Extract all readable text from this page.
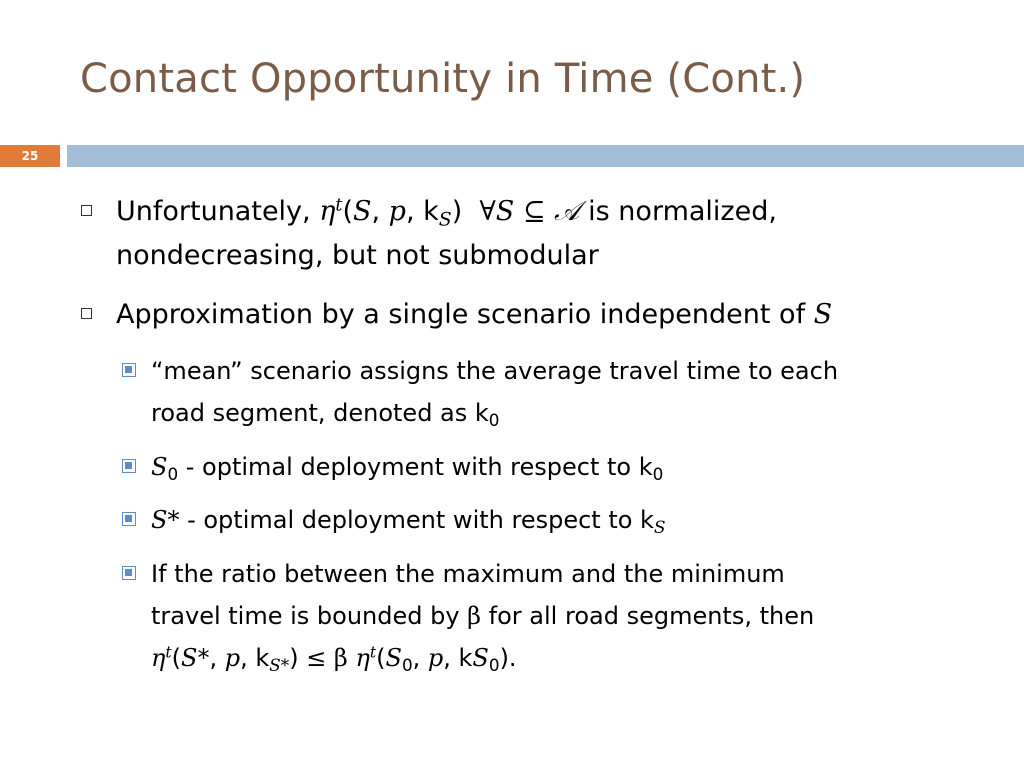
Contact Opportunity in Time (Cont.)
25
Unfortunately, $\eta^t(S$, p, $k_S$) ∀S ⊆ 𝒜 is normalized,
nondecreasing, but not submodular
Approximation by a single scenario independent of S
“mean” scenario assigns the average travel time to each
road segment, denoted as $k_0$
$S_0$ - optimal deployment with respect to $k_0$
S* - optimal deployment with respect to $k_S$
If the ratio between the maximum and the minimum
travel time is bounded by β for all road segments, then
$\eta^t(S*$, p, $k_{S*}) \le \beta$ $\eta^t(S_0$, p, $kS_0$).
